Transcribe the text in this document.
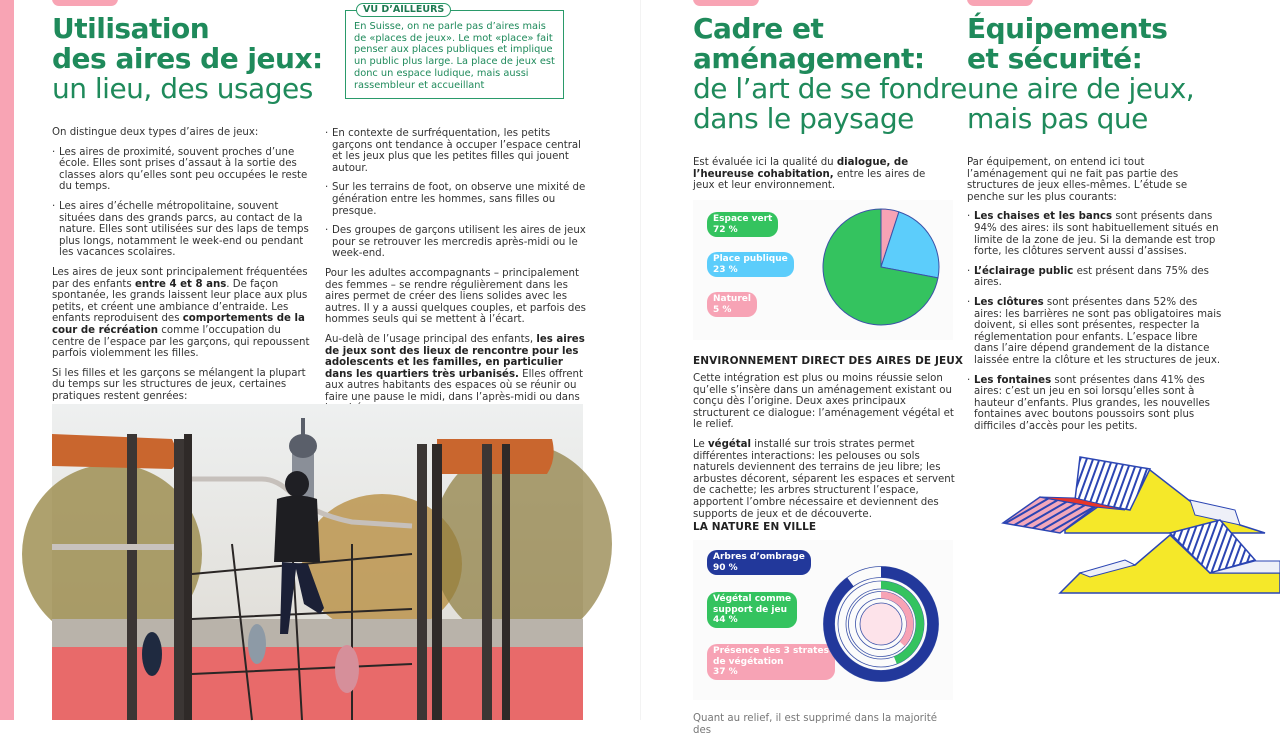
Utilisation
des aires de jeux:
un lieu, des usages
VU D’AILLEURS
En Suisse, on ne parle pas d’aires mais de «places de jeux». Le mot «place» fait penser aux places publiques et implique un public plus large. La place de jeux est donc un espace ludique, mais aussi rassembleur et accueillant

On distingue deux types d’aires de jeux:

· Les aires de proximité, souvent proches d’une école. Elles sont prises d’assaut à la sortie des classes alors qu’elles sont peu occupées le reste du temps.
· Les aires d’échelle métropolitaine, souvent situées dans des grands parcs, au contact de la nature. Elles sont utilisées sur des laps de temps plus longs, notamment le week-end ou pendant les vacances scolaires.

Les aires de jeux sont principalement fréquentées par des enfants entre 4 et 8 ans. De façon spontanée, les grands laissent leur place aux plus petits, et créent une ambiance d’entraide. Les enfants reproduisent des comportements de la cour de récréation comme l’occupation du centre de l’espace par les garçons, qui repoussent parfois violemment les filles.

Si les filles et les garçons se mélangent la plupart du temps sur les structures de jeux, certaines pratiques restent genrées:

· En contexte de surfréquentation, les petits garçons ont tendance à occuper l’espace central et les jeux plus que les petites filles qui jouent autour.
· Sur les terrains de foot, on observe une mixité de génération entre les hommes, sans filles ou presque.
· Des groupes de garçons utilisent les aires de jeux pour se retrouver les mercredis après-midi ou le week-end.

Pour les adultes accompagnants – principalement des femmes – se rendre régulièrement dans les aires permet de créer des liens solides avec les autres. Il y a aussi quelques couples, et parfois des hommes seuls qui se mettent à l’écart.

Au-delà de l’usage principal des enfants, les aires de jeux sont des lieux de rencontre pour les adolescents et les familles, en particulier dans les quartiers très urbanisés. Elles offrent aux autres habitants des espaces où se réunir ou faire une pause le midi, dans l’après-midi ou dans

Cadre et
aménagement:
de l’art de se fondre
dans le paysage

Est évaluée ici la qualité du dialogue, de l’heureuse cohabitation, entre les aires de jeux et leur environnement.

Espace vert
72 %
Place publique
23 %
Naturel
5 %
ENVIRONNEMENT DIRECT DES AIRES DE JEUX

Cette intégration est plus ou moins réussie selon qu’elle s’insère dans un aménagement existant ou conçu dès l’origine. Deux axes principaux structurent ce dialogue: l’aménagement végétal et le relief.

Le végétal installé sur trois strates permet différentes interactions: les pelouses ou sols naturels deviennent des terrains de jeu libre; les arbustes décorent, séparent les espaces et servent de cachette; les arbres structurent l’espace, apportent l’ombre nécessaire et deviennent des supports de jeux et de découverte.

LA NATURE EN VILLE
Arbres d’ombrage
90 %
Végétal comme
support de jeu
44 %
Présence des 3 strates
de végétation
37 %
Quant au relief, il est supprimé dans la majorité des
Équipements
et sécurité:
une aire de jeux,
mais pas que

Par équipement, on entend ici tout l’aménagement qui ne fait pas partie des structures de jeux elles-mêmes. L’étude se penche sur les plus courants:

· Les chaises et les bancs sont présents dans 94% des aires: ils sont habituellement situés en limite de la zone de jeu. Si la demande est trop forte, les clôtures servent aussi d’assises.
· L’éclairage public est présent dans 75% des aires.
· Les clôtures sont présentes dans 52% des aires: les barrières ne sont pas obligatoires mais doivent, si elles sont présentes, respecter la réglementation pour enfants. L’espace libre dans l’aire dépend grandement de la distance laissée entre la clôture et les structures de jeux.
· Les fontaines sont présentes dans 41% des aires: c’est un jeu en soi lorsqu’elles sont à hauteur d’enfants. Plus grandes, les nouvelles fontaines avec boutons poussoirs sont plus difficiles d’accès pour les petits.
